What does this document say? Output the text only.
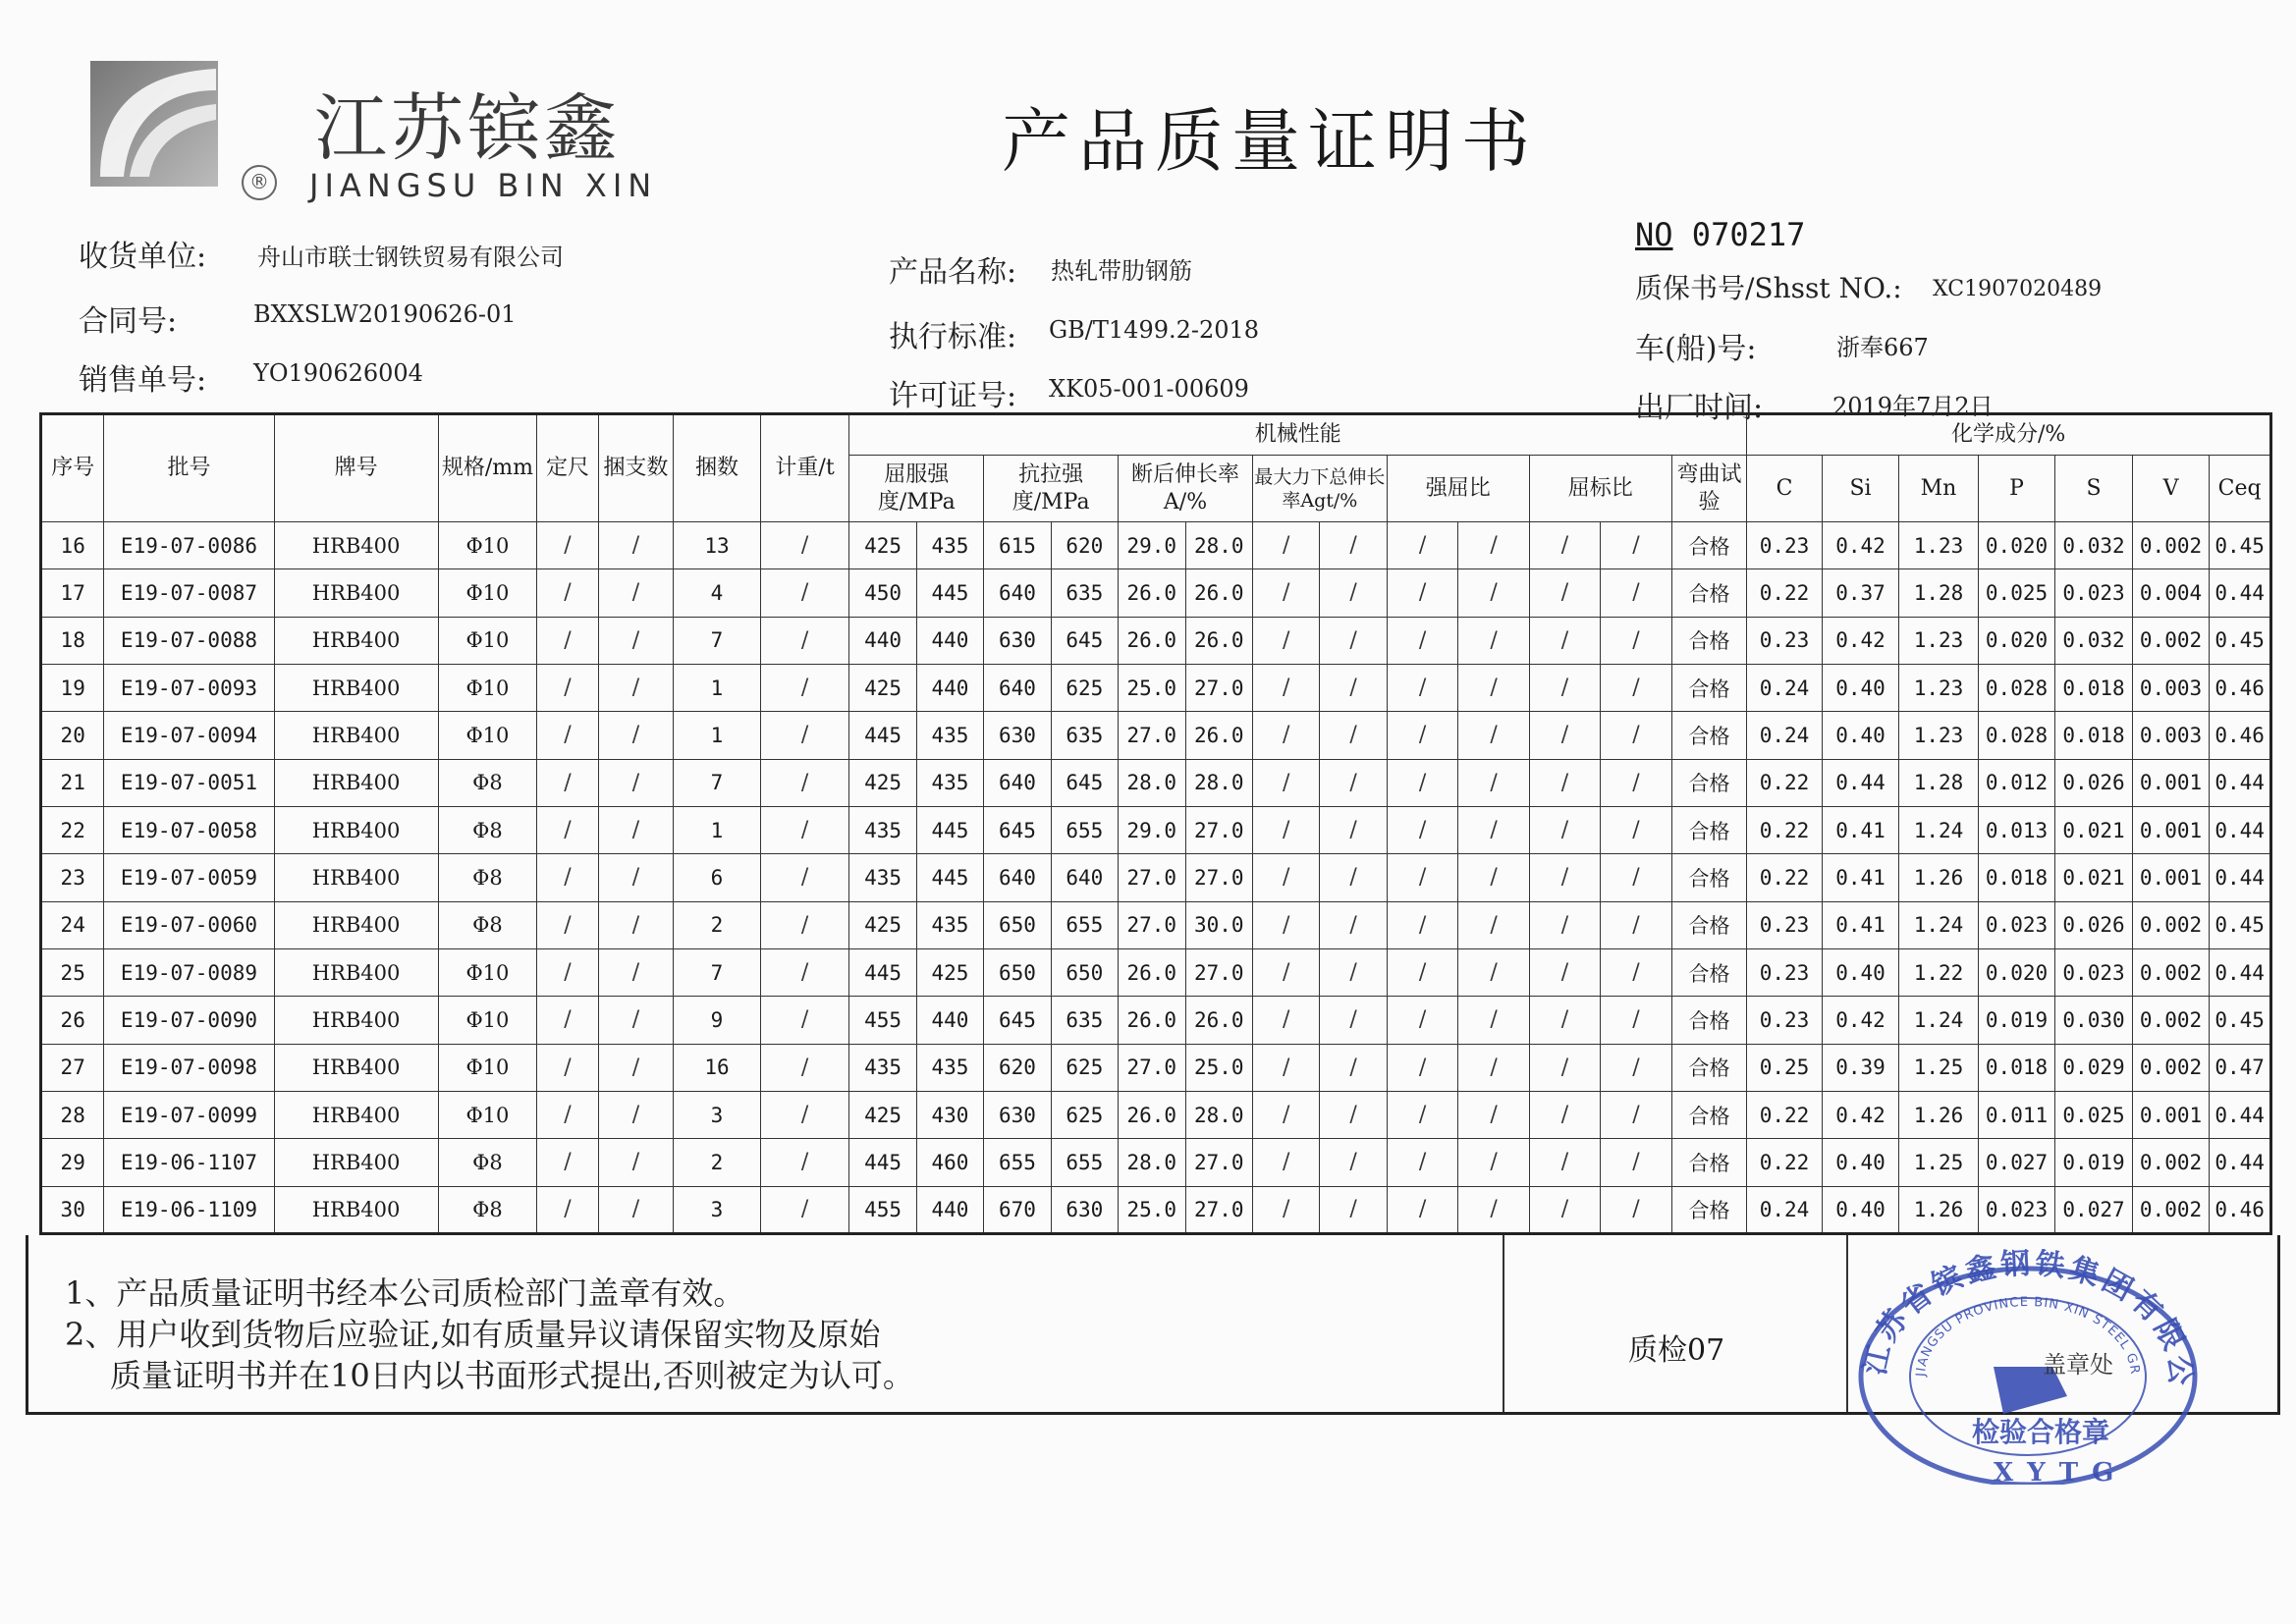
江苏镔鑫
® JIANGSU BIN XIN
产品质量证明书
收货单位: 舟山市联士钢铁贸易有限公司
合同号:	BXXSLW20190626-01
销售单号: YO190626004
产品名称: 热轧带肋钢筋
执行标准: GB/T1499.2-2018
许可证号: XK05-001-00609
NO 070217
质保书号/Shsst NO.: XC1907020489
车(船)号:	浙奉667
出厂时间:	2019年7月2日
序号	批号	牌号	规格/mm	定尺	捆支数	捆数	计重/t	机械性能													化学成分/%						
								屈服强度/MPa		抗拉强度/MPa		断后伸长率A/%		最大力下总伸长率Agt/%		强屈比		屈标比		弯曲试验	C	Si	Mn	P	S	V	Ceq
16	E19-07-0086	HRB400	Φ10	/	/	13	/	425	435	615	620	29.0	28.0	/	/	/	/	/	/	合格	0.23	0.42	1.23	0.020	0.032	0.002	0.45
17	E19-07-0087	HRB400	Φ10	/	/	4	/	450	445	640	635	26.0	26.0	/	/	/	/	/	/	合格	0.22	0.37	1.28	0.025	0.023	0.004	0.44
18	E19-07-0088	HRB400	Φ10	/	/	7	/	440	440	630	645	26.0	26.0	/	/	/	/	/	/	合格	0.23	0.42	1.23	0.020	0.032	0.002	0.45
19	E19-07-0093	HRB400	Φ10	/	/	1	/	425	440	640	625	25.0	27.0	/	/	/	/	/	/	合格	0.24	0.40	1.23	0.028	0.018	0.003	0.46
20	E19-07-0094	HRB400	Φ10	/	/	1	/	445	435	630	635	27.0	26.0	/	/	/	/	/	/	合格	0.24	0.40	1.23	0.028	0.018	0.003	0.46
21	E19-07-0051	HRB400	Φ8	/	/	7	/	425	435	640	645	28.0	28.0	/	/	/	/	/	/	合格	0.22	0.44	1.28	0.012	0.026	0.001	0.44
22	E19-07-0058	HRB400	Φ8	/	/	1	/	435	445	645	655	29.0	27.0	/	/	/	/	/	/	合格	0.22	0.41	1.24	0.013	0.021	0.001	0.44
23	E19-07-0059	HRB400	Φ8	/	/	6	/	435	445	640	640	27.0	27.0	/	/	/	/	/	/	合格	0.22	0.41	1.26	0.018	0.021	0.001	0.44
24	E19-07-0060	HRB400	Φ8	/	/	2	/	425	435	650	655	27.0	30.0	/	/	/	/	/	/	合格	0.23	0.41	1.24	0.023	0.026	0.002	0.45
25	E19-07-0089	HRB400	Φ10	/	/	7	/	445	425	650	650	26.0	27.0	/	/	/	/	/	/	合格	0.23	0.40	1.22	0.020	0.023	0.002	0.44
26	E19-07-0090	HRB400	Φ10	/	/	9	/	455	440	645	635	26.0	26.0	/	/	/	/	/	/	合格	0.23	0.42	1.24	0.019	0.030	0.002	0.45
27	E19-07-0098	HRB400	Φ10	/	/	16	/	435	435	620	625	27.0	25.0	/	/	/	/	/	/	合格	0.25	0.39	1.25	0.018	0.029	0.002	0.47
28	E19-07-0099	HRB400	Φ10	/	/	3	/	425	430	630	625	26.0	28.0	/	/	/	/	/	/	合格	0.22	0.42	1.26	0.011	0.025	0.001	0.44
29	E19-06-1107	HRB400	Φ8	/	/	2	/	445	460	655	655	28.0	27.0	/	/	/	/	/	/	合格	0.22	0.40	1.25	0.027	0.019	0.002	0.44
30	E19-06-1109	HRB400	Φ8	/	/	3	/	455	440	670	630	25.0	27.0	/	/	/	/	/	/	合格	0.24	0.40	1.26	0.023	0.027	0.002	0.46
1、产品质量证明书经本公司质检部门盖章有效。
2、用户收到货物后应验证,如有质量异议请保留实物及原始
质量证明书并在10日内以书面形式提出,否则被定为认可。
质检07	江苏省镔鑫钢铁集团有限公
JIANGSU PROVINCE BIN XIN STEEL GR
检验合格章
XYTG
盖章处
